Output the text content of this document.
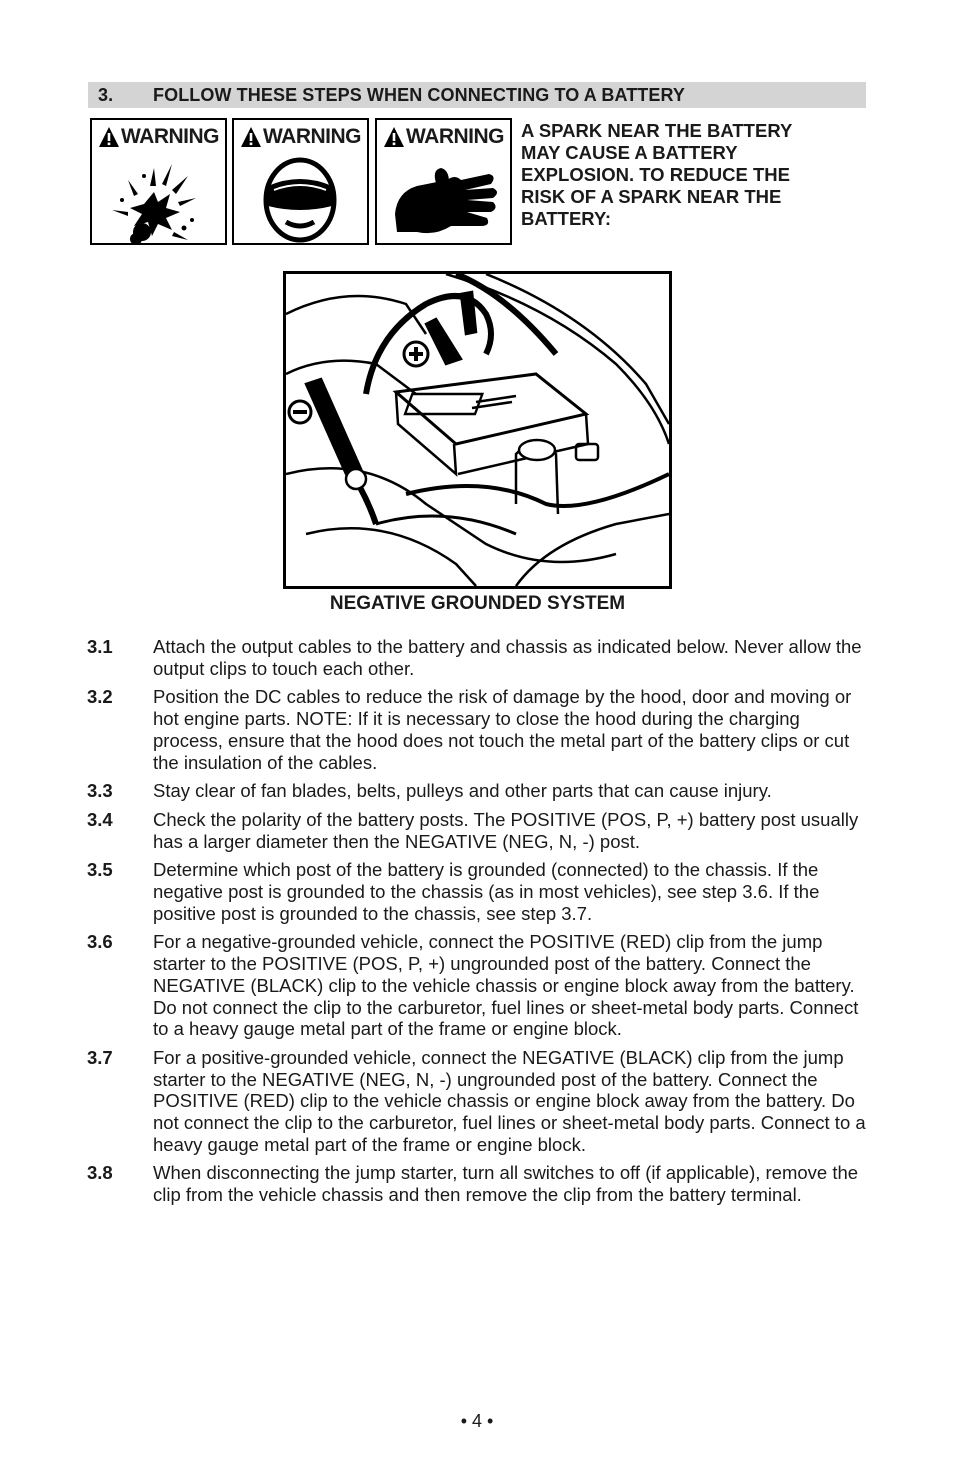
3. FOLLOW THESE STEPS WHEN CONNECTING TO A BATTERY
WARNING WARNING WARNING A SPARK NEAR THE BATTERY
MAY CAUSE A BATTERY
EXPLOSION. TO REDUCE THE
RISK OF A SPARK NEAR THE
BATTERY:
NEGATIVE GROUNDED SYSTEM
3.1 Attach the output cables to the battery and chassis as indicated below. Never allow the output clips to touch each other.
3.2 Position the DC cables to reduce the risk of damage by the hood, door and moving or hot engine parts. NOTE: If it is necessary to close the hood during the charging process, ensure that the hood does not touch the metal part of the battery clips or cut the insulation of the cables.
3.3 Stay clear of fan blades, belts, pulleys and other parts that can cause injury.
3.4 Check the polarity of the battery posts. The POSITIVE (POS, P, +) battery post usually has a larger diameter then the NEGATIVE (NEG, N, -) post.
3.5 Determine which post of the battery is grounded (connected) to the chassis. If the negative post is grounded to the chassis (as in most vehicles), see step 3.6. If the positive post is grounded to the chassis, see step 3.7.
3.6 For a negative-grounded vehicle, connect the POSITIVE (RED) clip from the jump starter to the POSITIVE (POS, P, +) ungrounded post of the battery. Connect the NEGATIVE (BLACK) clip to the vehicle chassis or engine block away from the battery. Do not connect the clip to the carburetor, fuel lines or sheet-metal body parts. Connect to a heavy gauge metal part of the frame or engine block.
3.7 For a positive-grounded vehicle, connect the NEGATIVE (BLACK) clip from the jump starter to the NEGATIVE (NEG, N, -) ungrounded post of the battery. Connect the POSITIVE (RED) clip to the vehicle chassis or engine block away from the battery. Do not connect the clip to the carburetor, fuel lines or sheet-metal body parts. Connect to a heavy gauge metal part of the frame or engine block.
3.8 When disconnecting the jump starter, turn all switches to off (if applicable), remove the clip from the vehicle chassis and then remove the clip from the battery terminal.
• 4 •
